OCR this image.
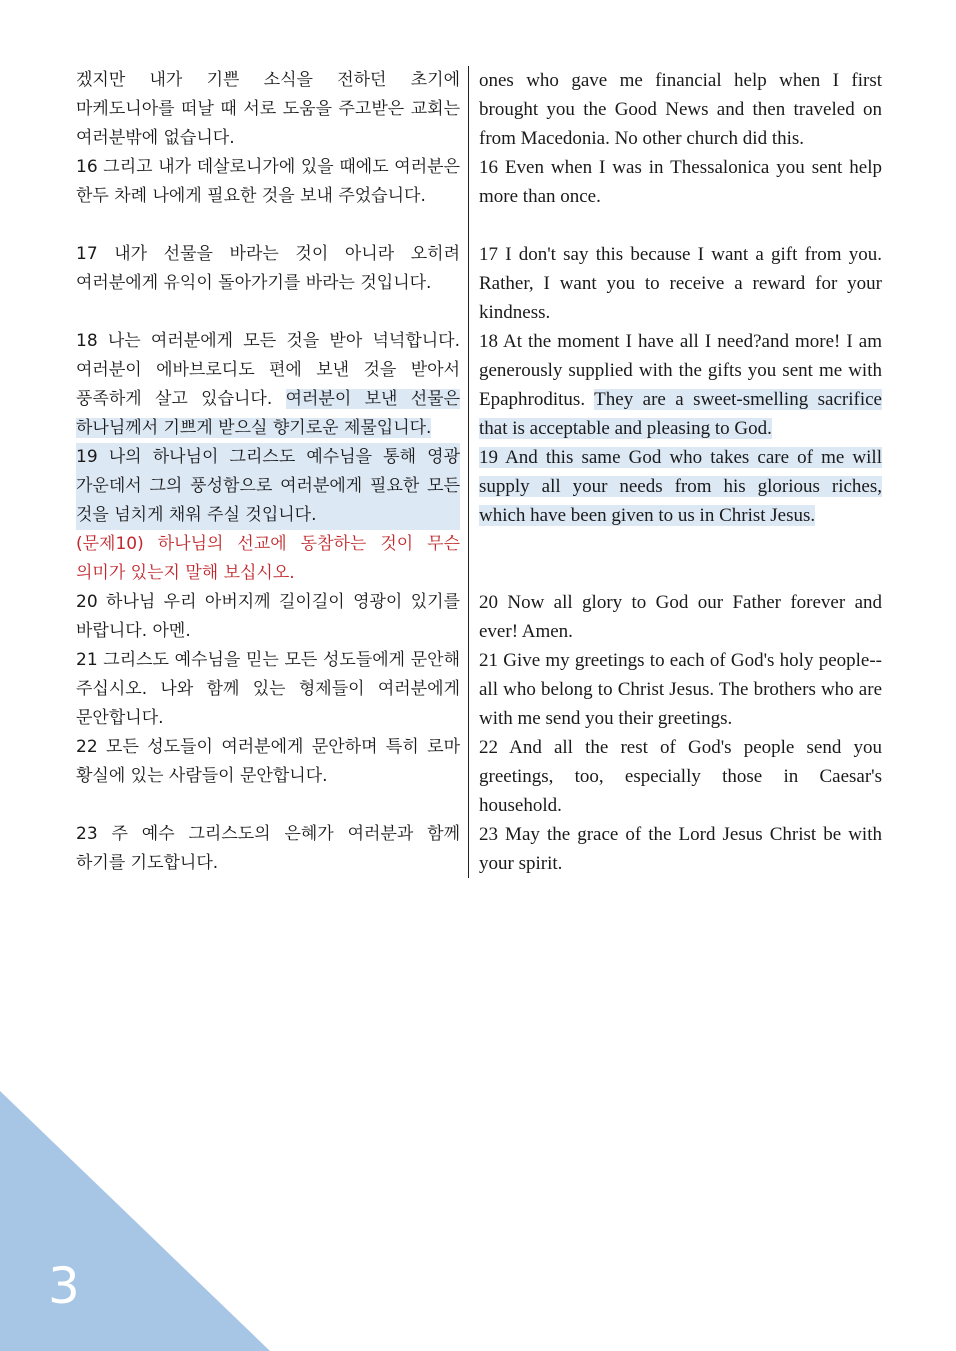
겠지만 내가 기쁜 소식을 전하던 초기에 마케도니아를 떠날 때 서로 도움을 주고받은 교회는 여러분밖에 없습니다.
ones who gave me financial help when I first brought you the Good News and then traveled on from Macedonia. No other church did this.
16 그리고 내가 데살로니가에 있을 때에도 여러분은 한두 차례 나에게 필요한 것을 보내 주었습니다.
16 Even when I was in Thessalonica you sent help more than once.
17 내가 선물을 바라는 것이 아니라 오히려 여러분에게 유익이 돌아가기를 바라는 것입니다.
17 I don't say this because I want a gift from you. Rather, I want you to receive a reward for your kindness.
18 나는 여러분에게 모든 것을 받아 넉넉합니다. 여러분이 에바브로디도 편에 보낸 것을 받아서 풍족하게 살고 있습니다. 여러분이 보낸 선물은 하나님께서 기쁘게 받으실 향기로운 제물입니다.
19 나의 하나님이 그리스도 예수님을 통해 영광 가운데서 그의 풍성함으로 여러분에게 필요한 모든 것을 넘치게 채워 주실 것입니다.
(문제10) 하나님의 선교에 동참하는 것이 무슨 의미가 있는지 말해 보십시오.
18 At the moment I have all I need?and more! I am generously supplied with the gifts you sent me with Epaphroditus. They are a sweet-smelling sacrifice that is acceptable and pleasing to God.
19 And this same God who takes care of me will supply all your needs from his glorious riches, which have been given to us in Christ Jesus.
20 하나님 우리 아버지께 길이길이 영광이 있기를 바랍니다. 아멘.
20 Now all glory to God our Father forever and ever! Amen.
21 그리스도 예수님을 믿는 모든 성도들에게 문안해 주십시오. 나와 함께 있는 형제들이 여러분에게 문안합니다.
21 Give my greetings to each of God's holy people--all who belong to Christ Jesus. The brothers who are with me send you their greetings.
22 모든 성도들이 여러분에게 문안하며 특히 로마 황실에 있는 사람들이 문안합니다.
22 And all the rest of God's people send you greetings, too, especially those in Caesar's household.
23 주 예수 그리스도의 은혜가 여러분과 함께 하기를 기도합니다.
23 May the grace of the Lord Jesus Christ be with your spirit.
3
